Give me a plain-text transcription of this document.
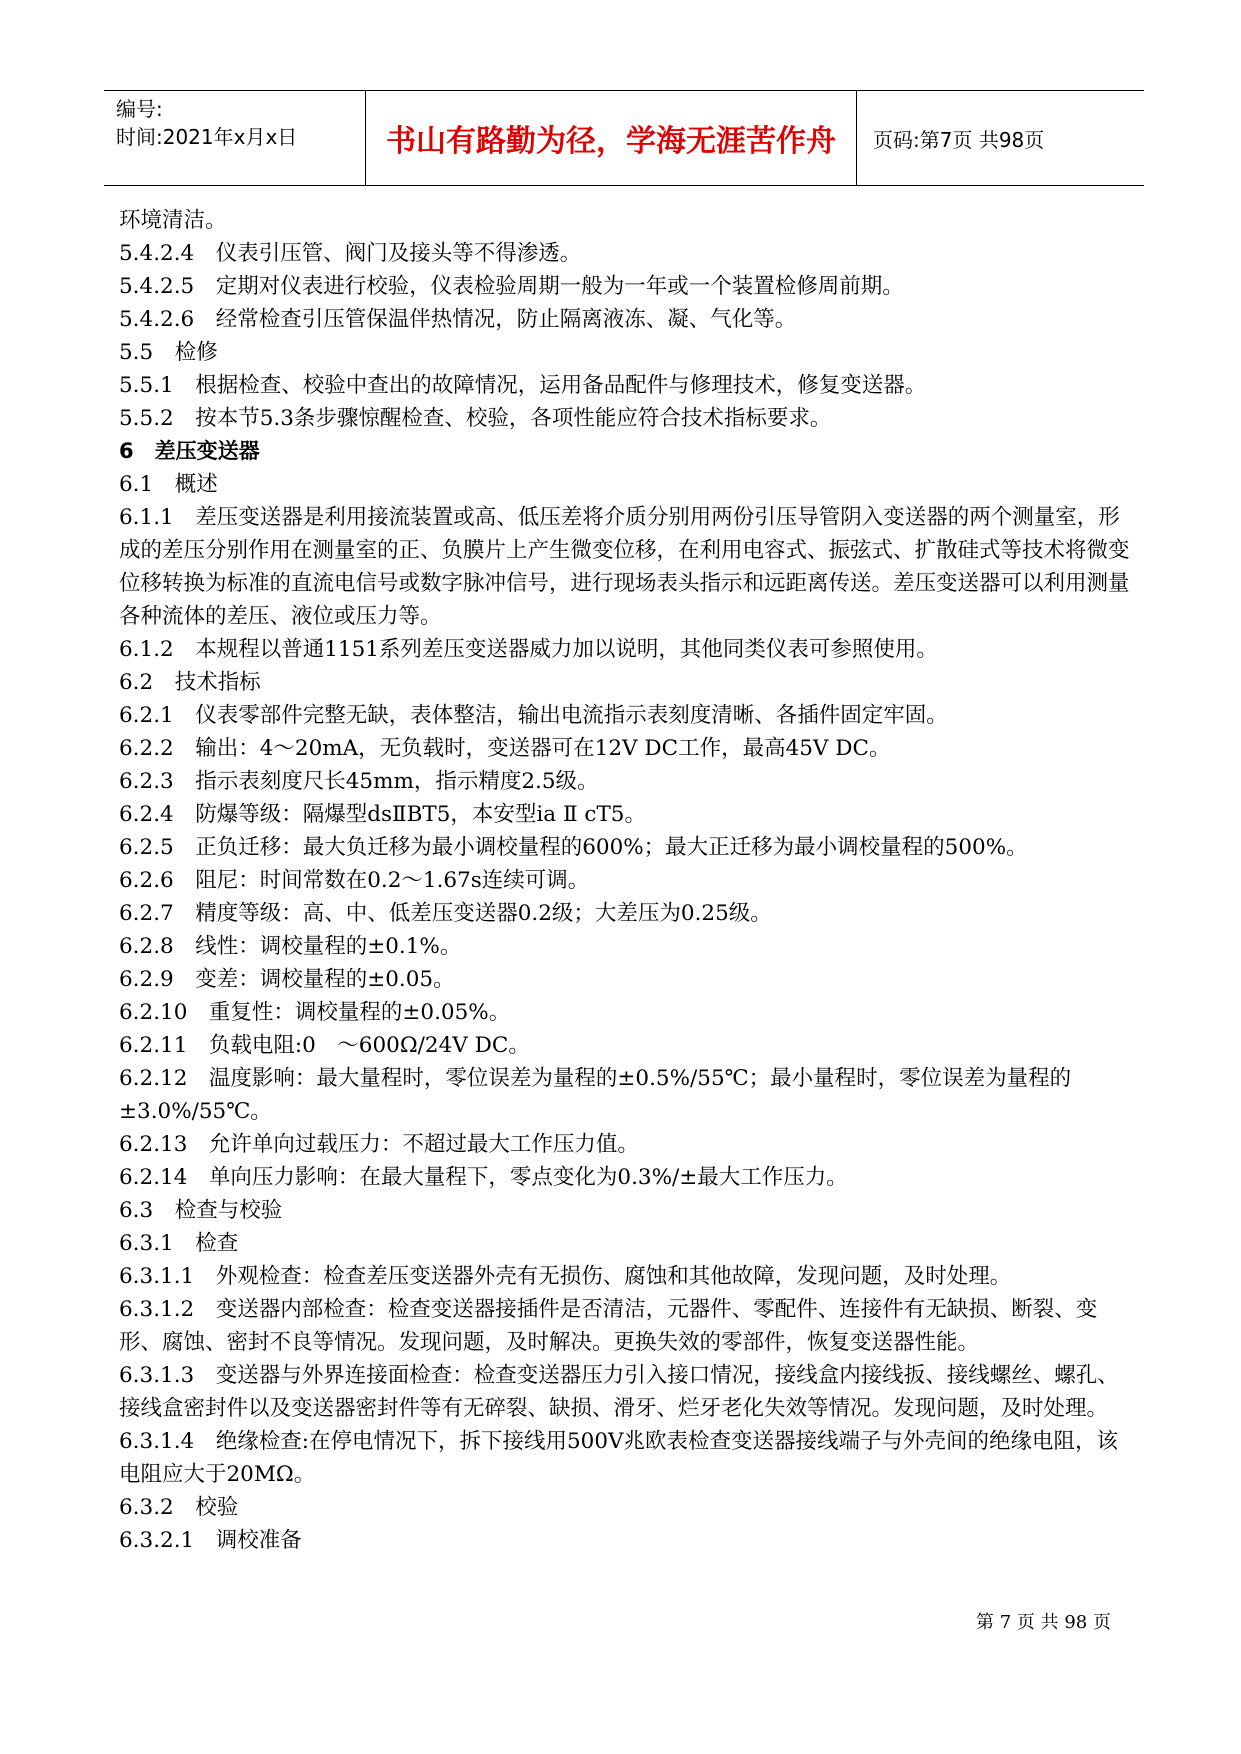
编号:
时间:2021年x月x日	书山有路勤为径，学海无涯苦作舟	页码:第7页 共98页

环境清洁。

5.4.2.4　仪表引压管、阀门及接头等不得渗透。

5.4.2.5　定期对仪表进行校验，仪表检验周期一般为一年或一个装置检修周前期。

5.4.2.6　经常检查引压管保温伴热情况，防止隔离液冻、凝、气化等。

5.5　检修

5.5.1　根据检查、校验中查出的故障情况，运用备品配件与修理技术，修复变送器。

5.5.2　按本节5.3条步骤惊醒检查、校验，各项性能应符合技术指标要求。

6　差压变送器

6.1　概述

6.1.1　差压变送器是利用接流装置或高、低压差将介质分别用两份引压导管阴入变送器的两个测量室，形成的差压分别作用在测量室的正、负膜片上产生微变位移，在利用电容式、振弦式、扩散硅式等技术将微变位移转换为标准的直流电信号或数字脉冲信号，进行现场表头指示和远距离传送。差压变送器可以利用测量各种流体的差压、液位或压力等。

6.1.2　本规程以普通1151系列差压变送器威力加以说明，其他同类仪表可参照使用。

6.2　技术指标

6.2.1　仪表零部件完整无缺，表体整洁，输出电流指示表刻度清晰、各插件固定牢固。

6.2.2　输出：4～20mA，无负载时，变送器可在12V DC工作，最高45V DC。

6.2.3　指示表刻度尺长45mm，指示精度2.5级。

6.2.4　防爆等级：隔爆型dsⅡBT5，本安型ia Ⅱ cT5。

6.2.5　正负迁移：最大负迁移为最小调校量程的600%；最大正迁移为最小调校量程的500%。

6.2.6　阻尼：时间常数在0.2～1.67s连续可调。

6.2.7　精度等级：高、中、低差压变送器0.2级；大差压为0.25级。

6.2.8　线性：调校量程的±0.1%。

6.2.9　变差：调校量程的±0.05。

6.2.10　重复性：调校量程的±0.05%。

6.2.11　负载电阻:0　～600Ω/24V DC。

6.2.12　温度影响：最大量程时，零位误差为量程的±0.5%/55℃；最小量程时，零位误差为量程的±3.0%/55℃。

6.2.13　允许单向过载压力：不超过最大工作压力值。

6.2.14　单向压力影响：在最大量程下，零点变化为0.3%/±最大工作压力。

6.3　检查与校验

6.3.1　检查

6.3.1.1　外观检查：检查差压变送器外壳有无损伤、腐蚀和其他故障，发现问题，及时处理。

6.3.1.2　变送器内部检查：检查变送器接插件是否清洁，元器件、零配件、连接件有无缺损、断裂、变形、腐蚀、密封不良等情况。发现问题，及时解决。更换失效的零部件，恢复变送器性能。

6.3.1.3　变送器与外界连接面检查：检查变送器压力引入接口情况，接线盒内接线扳、接线螺丝、螺孔、接线盒密封件以及变送器密封件等有无碎裂、缺损、滑牙、烂牙老化失效等情况。发现问题，及时处理。

6.3.1.4　绝缘检查:在停电情况下，拆下接线用500V兆欧表检查变送器接线端子与外壳间的绝缘电阻，该电阻应大于20MΩ。

6.3.2　校验

6.3.2.1　调校准备

第 7 页 共 98 页
